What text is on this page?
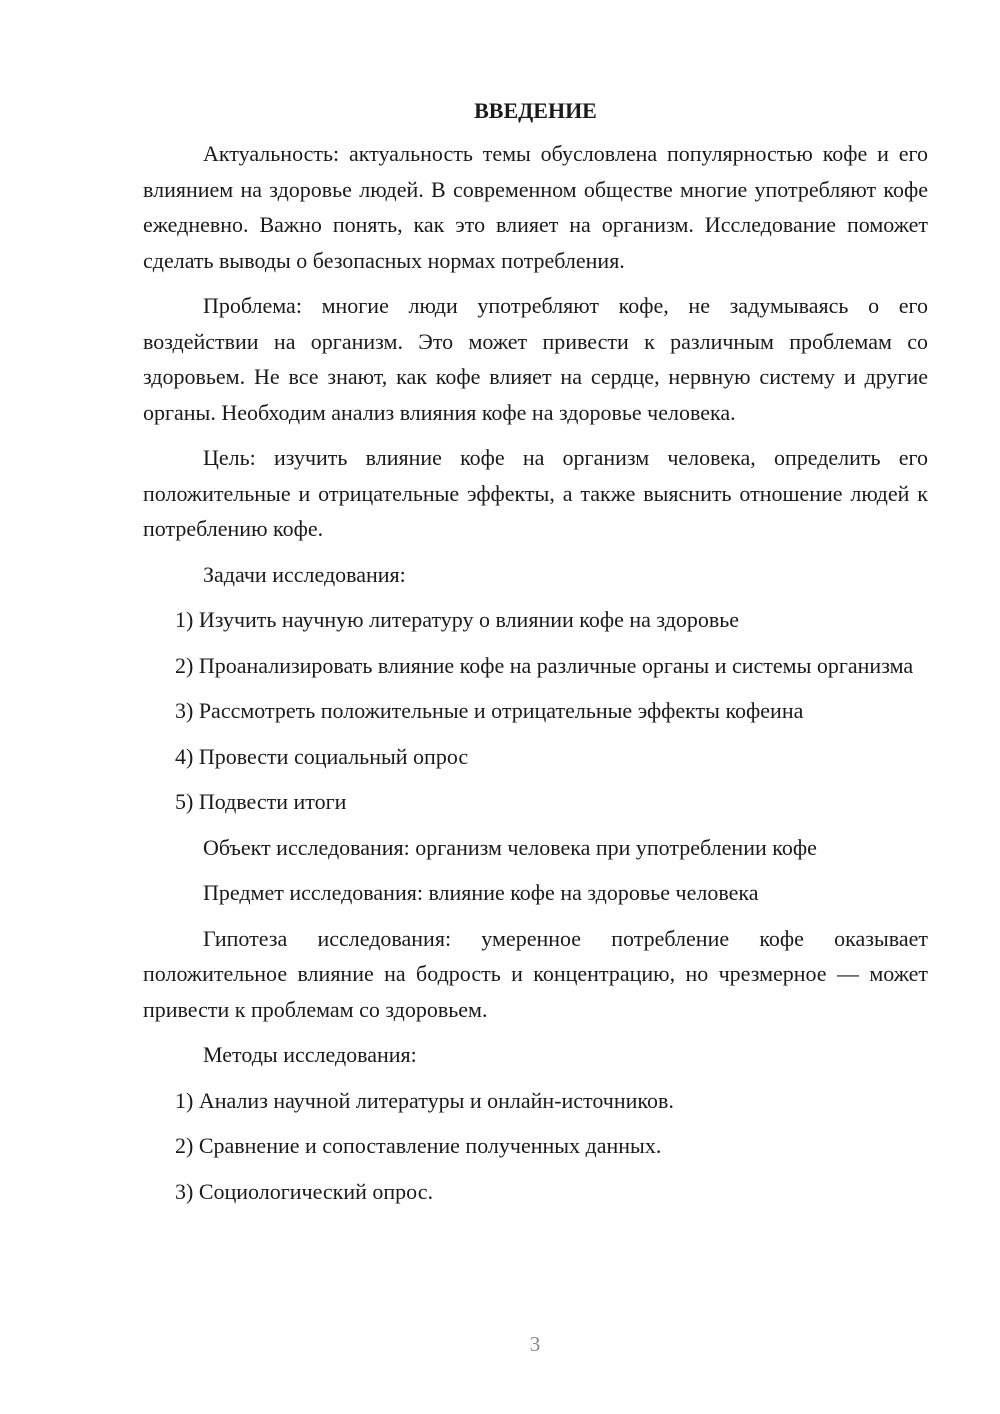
ВВЕДЕНИЕ

Актуальность: актуальность темы обусловлена популярностью кофе и его влиянием на здоровье людей. В современном обществе многие употребляют кофе ежедневно. Важно понять, как это влияет на организм. Исследование поможет сделать выводы о безопасных нормах потребления.

Проблема: многие люди употребляют кофе, не задумываясь о его воздействии на организм. Это может привести к различным проблемам со здоровьем. Не все знают, как кофе влияет на сердце, нервную систему и другие органы. Необходим анализ влияния кофе на здоровье человека.

Цель: изучить влияние кофе на организм человека, определить его положительные и отрицательные эффекты, а также выяснить отношение людей к потреблению кофе.

Задачи исследования:

1) Изучить научную литературу о влиянии кофе на здоровье

2) Проанализировать влияние кофе на различные органы и системы организма

3) Рассмотреть положительные и отрицательные эффекты кофеина

4) Провести социальный опрос

5) Подвести итоги

Объект исследования: организм человека при употреблении кофе

Предмет исследования: влияние кофе на здоровье человека

Гипотеза исследования: умеренное потребление кофе оказывает положительное влияние на бодрость и концентрацию, но чрезмерное — может привести к проблемам со здоровьем.

Методы исследования:

1) Анализ научной литературы и онлайн-источников.

2) Сравнение и сопоставление полученных данных.

3) Социологический опрос.

3
